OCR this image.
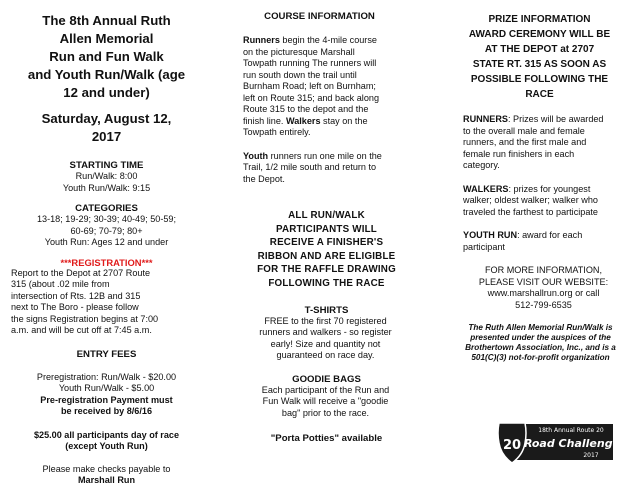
The 8th Annual Ruth

Allen Memorial

Run and Fun Walk

and Youth Run/Walk (age

12 and under)

Saturday, August 12,

2017

STARTING TIME

Run/Walk: 8:00

Youth Run/Walk: 9:15

CATEGORIES

13-18; 19-29; 30-39; 40-49; 50-59;

60-69; 70-79; 80+

Youth Run: Ages 12 and under

***REGISTRATION***

Report to the Depot at 2707 Route

315 (about .02 mile from

intersection of Rts. 12B and 315

next to The Boro - please follow

the signs Registration begins at 7:00

a.m. and will be cut off at 7:45 a.m.

ENTRY FEES

Preregistration: Run/Walk - $20.00

Youth Run/Walk - $5.00

Pre-registration Payment must

be received by 8/6/16

$25.00 all participants day of race

(except Youth Run)

Please make checks payable to

Marshall Run

COURSE INFORMATION

Runners begin the 4-mile course

on the picturesque Marshall

Towpath running The runners will

run south down the trail until

Burnham Road; left on Burnham;

left on Route 315; and back along

Route 315 to the depot and the

finish line. Walkers stay on the

Towpath entirely.

Youth runners run one mile on the

Trail, 1/2 mile south and return to

the Depot.

ALL RUN/WALK

PARTICIPANTS WILL

RECEIVE A FINISHER'S

RIBBON AND ARE ELIGIBLE

FOR THE RAFFLE DRAWING

FOLLOWING THE RACE

T-SHIRTS

FREE to the first 70 registered

runners and walkers - so register

early! Size and quantity not

guaranteed on race day.

GOODIE BAGS

Each participant of the Run and

Fun Walk will receive a "goodie

bag" prior to the race.

"Porta Potties" available

PRIZE INFORMATION

AWARD CEREMONY WILL BE

AT THE DEPOT at 2707

STATE RT. 315 AS SOON AS

POSSIBLE FOLLOWING THE

RACE

RUNNERS: Prizes will be awarded

to the overall male and female

runners, and the first male and

female run finishers in each

category.

WALKERS: prizes for youngest

walker; oldest walker; walker who

traveled the farthest to participate

YOUTH RUN: award for each

participant

FOR MORE INFORMATION,

PLEASE VISIT OUR WEBSITE:

www.marshallrun.org or call

512-799-6535

The Ruth Allen Memorial Run/Walk is

presented under the auspices of the

Brothertown Association, Inc., and is a

501(C)(3) not-for-profit organization

20
18th Annual Route 20
Road Challenge
2017
